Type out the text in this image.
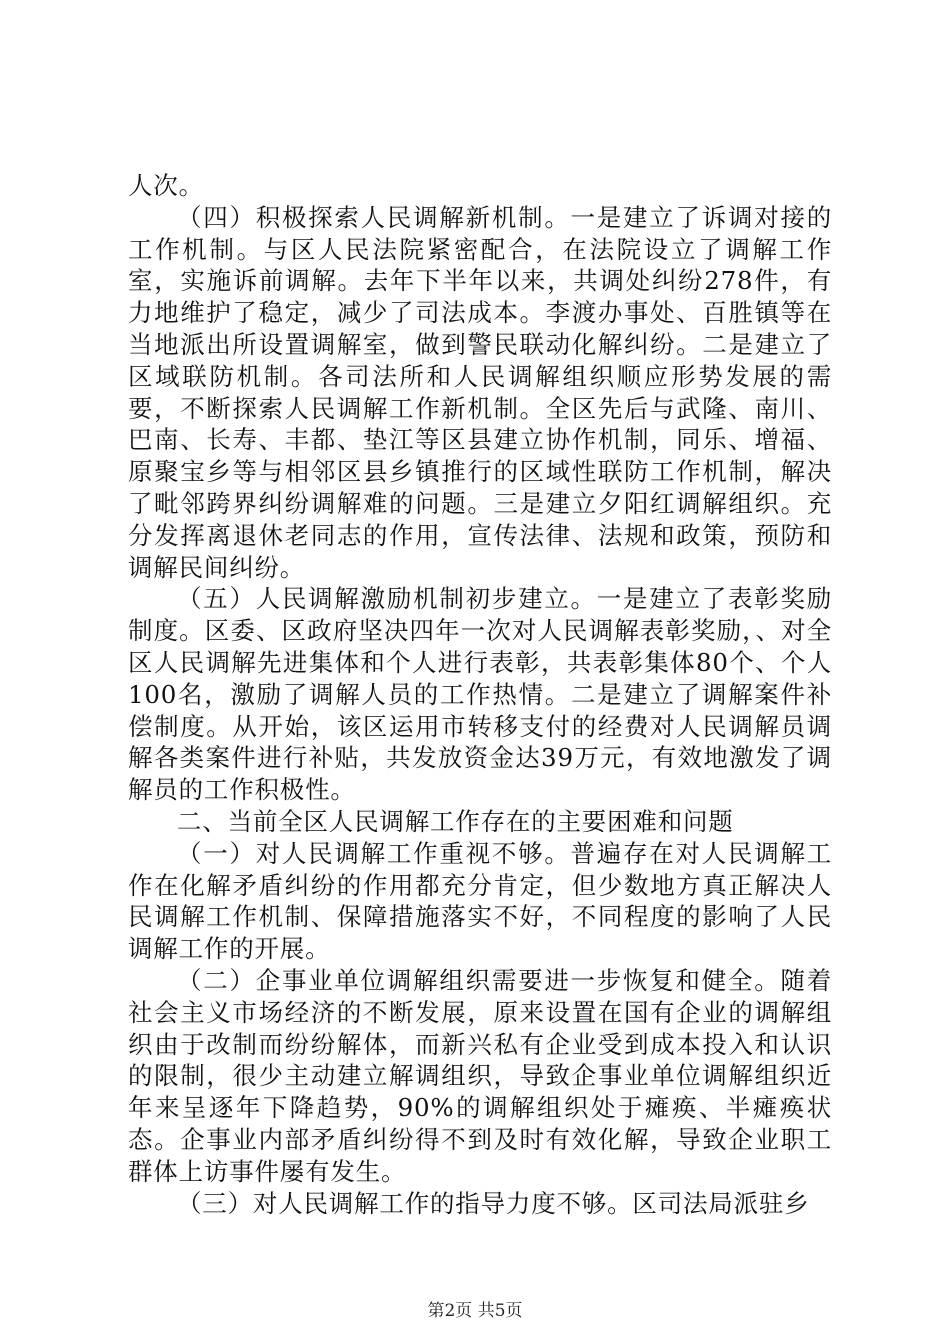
人次。

（四）积极探索人民调解新机制。一是建立了诉调对接的工作机制。与区人民法院紧密配合，在法院设立了调解工作室，实施诉前调解。去年下半年以来，共调处纠纷278件，有力地维护了稳定，减少了司法成本。李渡办事处、百胜镇等在当地派出所设置调解室，做到警民联动化解纠纷。二是建立了区域联防机制。各司法所和人民调解组织顺应形势发展的需要，不断探索人民调解工作新机制。全区先后与武隆、南川、巴南、长寿、丰都、垫江等区县建立协作机制，同乐、增福、原聚宝乡等与相邻区县乡镇推行的区域性联防工作机制，解决了毗邻跨界纠纷调解难的问题。三是建立夕阳红调解组织。充分发挥离退休老同志的作用，宣传法律、法规和政策，预防和调解民间纠纷。

（五）人民调解激励机制初步建立。一是建立了表彰奖励制度。区委、区政府坚决四年一次对人民调解表彰奖励，、对全区人民调解先进集体和个人进行表彰，共表彰集体80个、个人100名，激励了调解人员的工作热情。二是建立了调解案件补偿制度。从开始，该区运用市转移支付的经费对人民调解员调解各类案件进行补贴，共发放资金达39万元，有效地激发了调解员的工作积极性。

二、当前全区人民调解工作存在的主要困难和问题

（一）对人民调解工作重视不够。普遍存在对人民调解工作在化解矛盾纠纷的作用都充分肯定，但少数地方真正解决人民调解工作机制、保障措施落实不好，不同程度的影响了人民调解工作的开展。

（二）企事业单位调解组织需要进一步恢复和健全。随着社会主义市场经济的不断发展，原来设置在国有企业的调解组织由于改制而纷纷解体，而新兴私有企业受到成本投入和认识的限制，很少主动建立解调组织，导致企事业单位调解组织近年来呈逐年下降趋势，90%的调解组织处于瘫痪、半瘫痪状态。企事业内部矛盾纠纷得不到及时有效化解，导致企业职工群体上访事件屡有发生。

（三）对人民调解工作的指导力度不够。区司法局派驻乡

第2页 共5页
